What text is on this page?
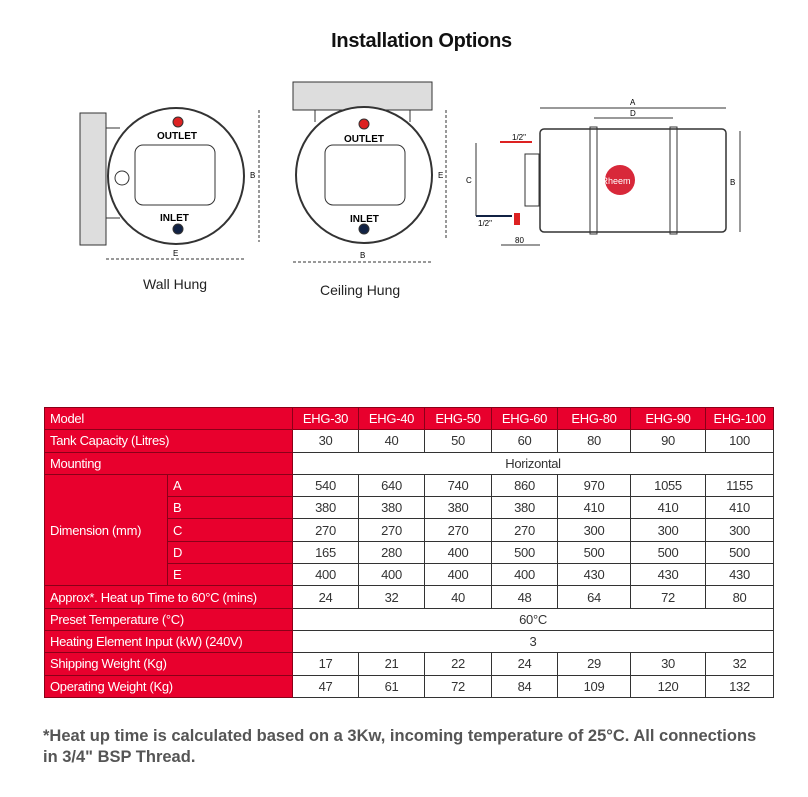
Installation Options
OUTLET
INLET
E
B
OUTLET
INLET
B
E
Rheem
A
D
B
C
1/2"
1/2"
80
Wall Hung	Ceiling Hung
Model		EHG-30	EHG-40	EHG-50	EHG-60	EHG-80	EHG-90	EHG-100
Tank Capacity (Litres)		30	40	50	60	80	90	100
Mounting		Horizontal						
Dimension (mm)	A	540	640	740	860	970	1055	1155
	B	380	380	380	380	410	410	410
	C	270	270	270	270	300	300	300
	D	165	280	400	500	500	500	500
	E	400	400	400	400	430	430	430
Approx*. Heat up Time to 60°C (mins)		24	32	40	48	64	72	80
Preset Temperature (°C)		60°C						
Heating Element Input (kW) (240V)		3						
Shipping Weight (Kg)		17	21	22	24	29	30	32
Operating Weight (Kg)		47	61	72	84	109	120	132
*Heat up time is calculated based on a 3Kw, incoming temperature of 25°C. All connections in 3/4" BSP Thread.
